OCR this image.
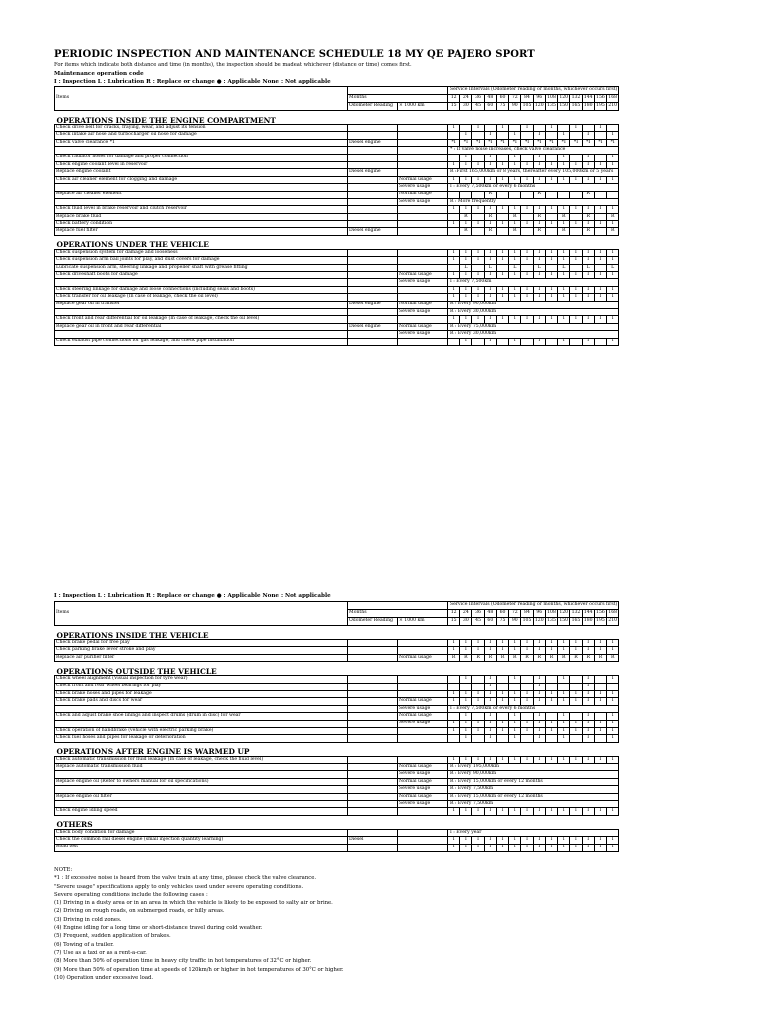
PERIODIC INSPECTION AND MAINTENANCE SCHEDULE 18 MY QE PAJERO SPORT
For items which indicate both distance and time (in months), the inspection should be madeat whichever (distance or time) comes first.
Maintenance operation code
I : Inspection L : Lubrication R : Replace or change ● : Applicable None : Not applicable
Items			Service Intervals (Odometer reading or months, whichever occurs first)													
	Months		12	24	36	48	60	72	84	96	108	120	132	144	156	168
	Odometer Reading	× 1000 km	15	30	45	60	75	90	105	120	135	150	165	180	195	210

OPERATIONS INSIDE THE ENGINE COMPARTMENT																
Check drive belt for cracks, fraying, wear, and adjust its tension			I		I		I		I		I		I		I	
Check intake air hose and turbocharger oil hose for damage				I		I		I		I		I		I		I
Check valve clearance *1	Diesel engine		*I	*I	*I	*I	*I	*I	*I	*I	*I	*I	*I	*I	*I	*I
			* : If valve noise increases, check valve clearance													
Check radiator hoses for damage and proper connection				I		I		I		I		I		I		I
Check engine coolant level in reservoir			I	I	I	I	I	I	I	I	I	I	I	I	I	I
Replace engine coolant	Diesel engine		R :First 165,000km or 8 years, thereafter every 105,000km or 5 years													
Check air cleaner element for clogging and damage		Normal usage	I	I	I	I	I	I	I	I	I	I	I	I	I	I
		Severe usage	I : Every 7,500km or every 6 months													
Replace air cleaner element		Normal usage				R				R				R		
		Severe usage	R : More frequently													
Check fluid level in brake reservoir and clutch reservoir			I	I	I	I	I	I	I	I	I	I	I	I	I	I
Replace brake fluid				R		R		R		R		R		R		R
Check battery condition			I	I	I	I	I	I	I	I	I	I	I	I	I	I
Replace fuel filter	Diesel engine			R		R		R		R		R		R		R

OPERATIONS UNDER THE VEHICLE																
Check suspension system for damage and looseness			I	I	I	I	I	I	I	I	I	I	I	I	I	I
Check suspension arm ball joints for play, and dust covers for damage			I	I	I	I	I	I	I	I	I	I	I	I	I	I
Lubricate suspension arm, steering linkage and propeller shaft with grease fitting				L		L		L		L		L		L		L
Check driveshaft boots for damage		Normal usage	I	I	I	I	I	I	I	I	I	I	I	I	I	I
		Severe usage	I : Every 7,500km													
Check steering linkage for damage and loose connections (including seals and boots)			I	I	I	I	I	I	I	I	I	I	I	I	I	I
Check transfer for oil leakage (In case of leakage, check the oil level)			I	I	I	I	I	I	I	I	I	I	I	I	I	I
Replace gear oil in transfer	Diesel engine	Normal usage	R : Every 90,000km													
		Severe usage	R : Every 30,000km													
Check front and rear differential for oil leakage (In case of leakage, check the oil level)			I	I	I	I	I	I	I	I	I	I	I	I	I	I
Replace gear oil in front and rear differential	Diesel engine	Normal usage	R : Every 75,000km													
		Severe usage	R : Every 30,000km													
Check exhaust pipe connections for gas leakage, and check pipe installation				I		I		I		I		I		I		I
I : Inspection L : Lubrication R : Replace or change ● : Applicable None : Not applicable
Items			Service Intervals (Odometer reading or months, whichever occurs first)													
	Months		12	24	36	48	60	72	84	96	108	120	132	144	156	168
	Odometer Reading	× 1000 km	15	30	45	60	75	90	105	120	135	150	165	180	195	210

OPERATIONS INSIDE THE VEHICLE																
Check brake pedal for free play			I	I	I	I	I	I	I	I	I	I	I	I	I	I
Check parking brake lever stroke and play			I	I	I	I	I	I	I	I	I	I	I	I	I	I
Replace air purifier filter		Normal usage	R	R	R	R	R	R	R	R	R	R	R	R	R	R

OPERATIONS OUTSIDE THE VEHICLE																
Check wheel alignment (Visual inspection for tyre wear)				I		I		I		I		I		I		I
Check front and rear wheel bearings for play						I				I				I		
Check brake hoses and pipes for leakage			I	I	I	I	I	I	I	I	I	I	I	I	I	I
Check brake pads and discs for wear		Normal usage	I	I	I	I	I	I	I	I	I	I	I	I	I	I
		Severe usage	I : Every 7,500km or every 6 months													
Check and adjust brake shoe linings and inspect drums (drum in disc) for wear		Normal usage		I		I		I		I		I		I		I
		Severe usage	I	I	I	I	I	I	I	I	I	I	I	I	I	I
Check operation of handbrake (vehicle with electric parking brake)			I	I	I	I	I	I	I	I	I	I	I	I	I	I
Check fuel hoses and pipes for leakage or deterioration				I		I		I		I		I		I		I

OPERATIONS AFTER ENGINE IS WARMED UP																
Check automatic transmission for fluid leakage (In case of leakage, check the fluid level)			I	I	I	I	I	I	I	I	I	I	I	I	I	I
Replace automatic transmission fluid		Normal usage	R : Every 195,000km													
		Severe usage	R : Every 90,000km													
Replace engine oil (Refer to owners manual for oil specifications)		Normal usage	R : Every 15,000km or every 12 months													
		Severe usage	R : Every 7,500km													
Replace engine oil filter		Normal usage	R : Every 15,000km or every 12 months													
		Severe usage	R : Every 7,500km													
Check engine idling speed			I	I	I	I	I	I	I	I	I	I	I	I	I	I

OTHERS																
Check body condition for damage			I : Every year													
Check the common rail diesel engine (small injection quantity learning)	Diesel		I	I	I	I	I	I	I	I	I	I	I	I	I	I
Road test			I	I	I	I	I	I	I	I	I	I	I	I	I	I
NOTE:
*1 : If excessive noise is heard from the valve train at any time, please check the valve clearance.
"Severe usage" specifications apply to only vehicles used under severe operating conditions.
Severe operating conditions include the following cases :
(1) Driving in a dusty area or in an area in which the vehicle is likely to be exposed to salty air or brine.
(2) Driving on rough roads, on submerged roads, or hilly areas.
(3) Driving in cold zones.
(4) Engine idling for a long time or short-distance travel during cold weather.
(5) Frequent, sudden application of brakes.
(6) Towing of a trailer.
(7) Use as a taxi or as a rent-a-car.
(8) More than 50% of operation time in heavy city traffic in hot temperatures of 32°C or higher.
(9) More than 50% of operation time at speeds of 120km/h or higher in hot temperatures of 30°C or higher.
(10) Operation under excessive load.
